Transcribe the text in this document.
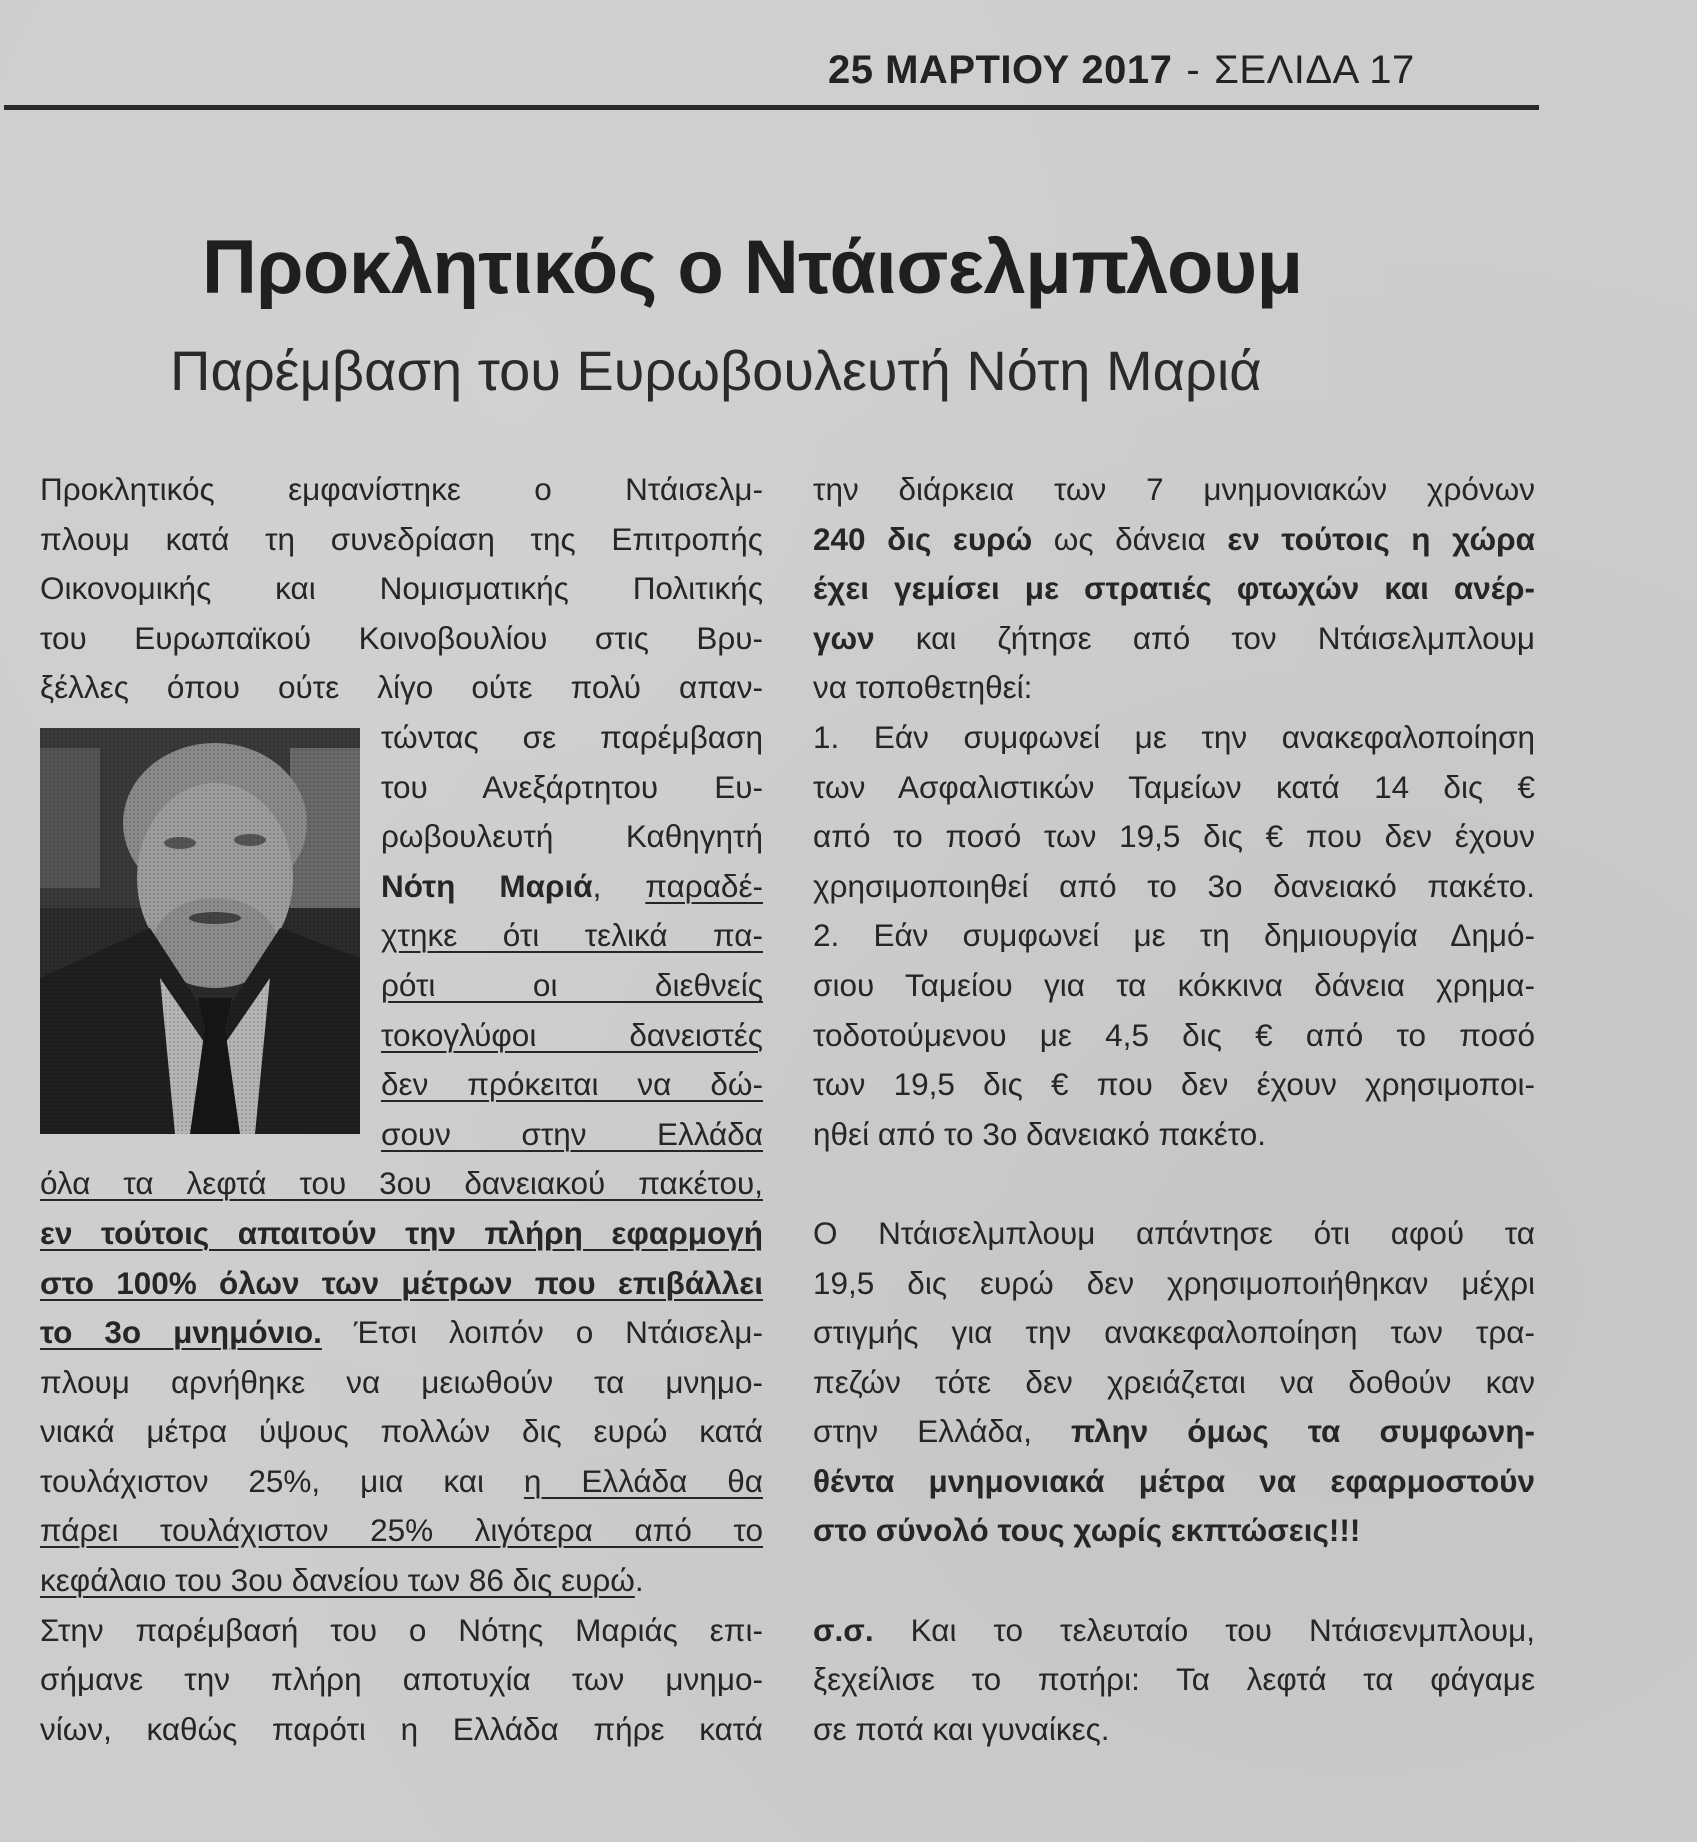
25 ΜΑΡΤΙΟΥ 2017 - ΣΕΛΙΔΑ 17
Προκλητικός ο Ντάισελμπλουμ
Παρέμβαση του Ευρωβουλευτή Νότη Μαριά
Προκλητικός εμφανίστηκε ο Ντάισελμ-
πλουμ κατά τη συνεδρίαση της Επιτροπής
Οικονομικής και Νομισματικής Πολιτικής
του Ευρωπαϊκού Κοινοβουλίου στις Βρυ-
ξέλλες όπου ούτε λίγο ούτε πολύ απαν-
τώντας σε παρέμβαση
του Ανεξάρτητου Ευ-
ρωβουλευτή Καθηγητή
Νότη Μαριά, παραδέ-
χτηκε ότι τελικά πα-
ρότι οι διεθνείς
τοκογλύφοι δανειστές
δεν πρόκειται να δώ-
σουν στην Ελλάδα
όλα τα λεφτά του 3ου δανειακού πακέτου,
εν τούτοις απαιτούν την πλήρη εφαρμογή
στο 100% όλων των μέτρων που επιβάλλει
το 3ο μνημόνιο. Έτσι λοιπόν ο Ντάισελμ-
πλουμ αρνήθηκε να μειωθούν τα μνημο-
νιακά μέτρα ύψους πολλών δις ευρώ κατά
τουλάχιστον 25%, μια και η Ελλάδα θα
πάρει τουλάχιστον 25% λιγότερα από το
κεφάλαιο του 3ου δανείου των 86 δις ευρώ.
Στην παρέμβασή του ο Νότης Μαριάς επι-
σήμανε την πλήρη αποτυχία των μνημο-
νίων, καθώς παρότι η Ελλάδα πήρε κατά
την διάρκεια των 7 μνημονιακών χρόνων
240 δις ευρώ ως δάνεια εν τούτοις η χώρα
έχει γεμίσει με στρατιές φτωχών και ανέρ-
γων και ζήτησε από τον Ντάισελμπλουμ
να τοποθετηθεί:
1. Εάν συμφωνεί με την ανακεφαλοποίηση
των Ασφαλιστικών Ταμείων κατά 14 δις €
από το ποσό των 19,5 δις € που δεν έχουν
χρησιμοποιηθεί από το 3ο δανειακό πακέτο.
2. Εάν συμφωνεί με τη δημιουργία Δημό-
σιου Ταμείου για τα κόκκινα δάνεια χρημα-
τοδοτούμενου με 4,5 δις € από το ποσό
των 19,5 δις € που δεν έχουν χρησιμοποι-
ηθεί από το 3ο δανειακό πακέτο.
Ο Ντάισελμπλουμ απάντησε ότι αφού τα
19,5 δις ευρώ δεν χρησιμοποιήθηκαν μέχρι
στιγμής για την ανακεφαλοποίηση των τρα-
πεζών τότε δεν χρειάζεται να δοθούν καν
στην Ελλάδα, πλην όμως τα συμφωνη-
θέντα μνημονιακά μέτρα να εφαρμοστούν
στο σύνολό τους χωρίς εκπτώσεις!!!
σ.σ. Και το τελευταίο του Ντάισενμπλουμ,
ξεχείλισε το ποτήρι: Τα λεφτά τα φάγαμε
σε ποτά και γυναίκες.
